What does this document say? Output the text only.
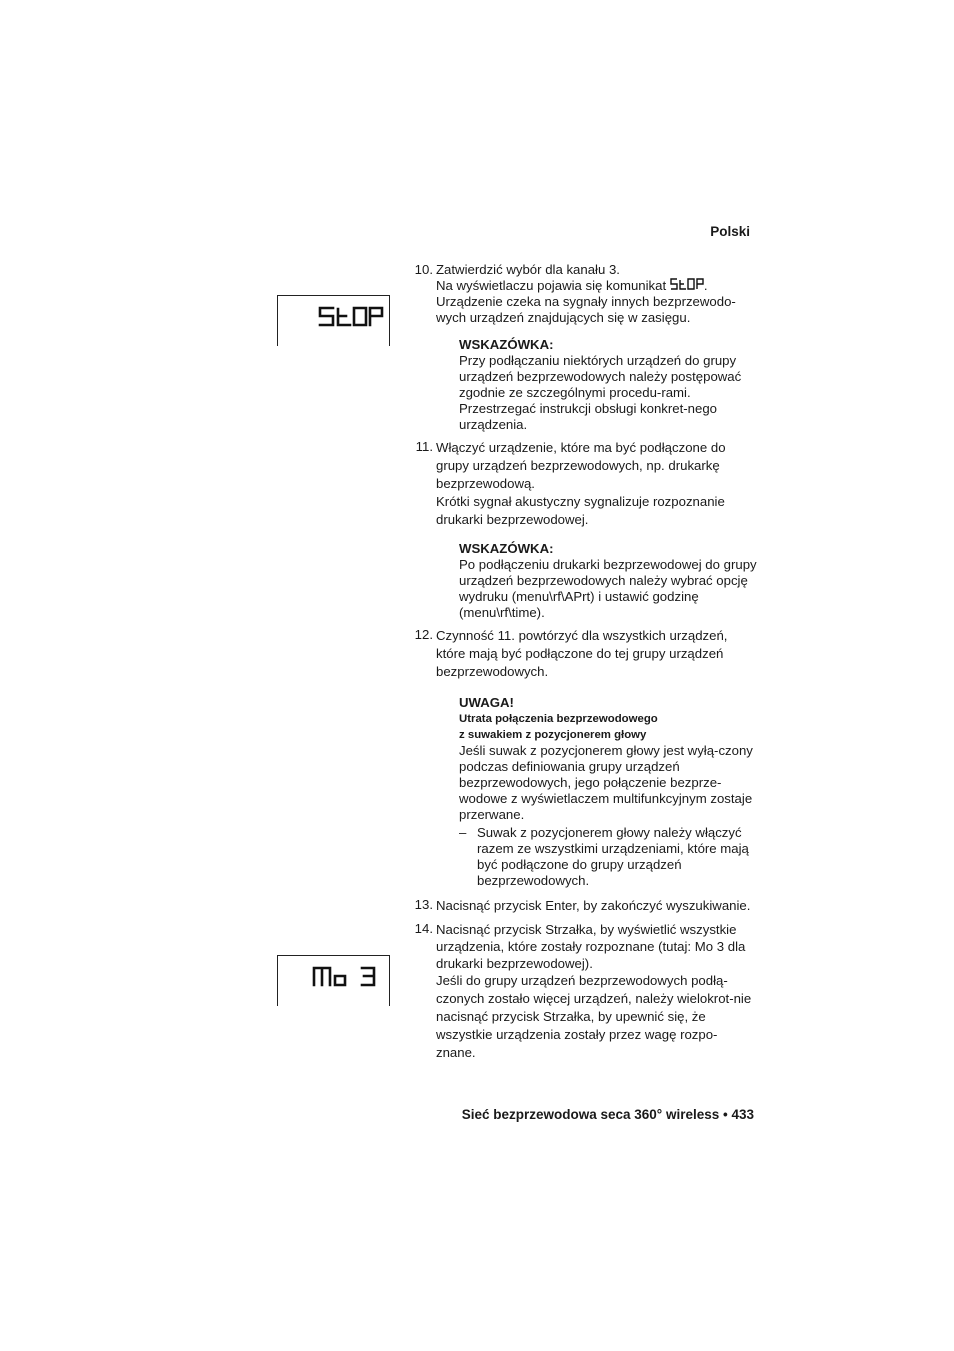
Polski
10. Zatwierdzić wybór dla kanału 3.

Na wyświetlaczu pojawia się komunikat	.

Urządzenie czeka na sygnały innych bezprzewodo-wych urządzeń znajdujących się w zasięgu.

WSKAZÓWKA:
Przy podłączaniu niektórych urządzeń do grupy urządzeń bezprzewodowych należy postępować zgodnie ze szczególnymi procedu-rami. Przestrzegać instrukcji obsługi konkret-nego urządzenia.
11. Włączyć urządzenie, które ma być podłączone do grupy urządzeń bezprzewodowych, np. drukarkę bezprzewodową.

Krótki sygnał akustyczny sygnalizuje rozpoznanie drukarki bezprzewodowej.

WSKAZÓWKA:
Po podłączeniu drukarki bezprzewodowej do grupy urządzeń bezprzewodowych należy wybrać opcję wydruku (menu\rf\APrt) i ustawić godzinę (menu\rf\time).
12. Czynność 11. powtórzyć dla wszystkich urządzeń, które mają być podłączone do tej grupy urządzeń bezprzewodowych.

UWAGA!
Utrata połączenia bezprzewodowego
z suwakiem z pozycjonerem głowy
Jeśli suwak z pozycjonerem głowy jest wyłą-czony podczas definiowania grupy urządzeń bezprzewodowych, jego połączenie bezprze-wodowe z wyświetlaczem multifunkcyjnym zostaje przerwane.
– Suwak z pozycjonerem głowy należy włączyć razem ze wszystkimi urządzeniami, które mają być podłączone do grupy urządzeń bezprzewodowych.
13. Nacisnąć przycisk Enter, by zakończyć wyszukiwanie.

14. Nacisnąć przycisk Strzałka, by wyświetlić wszystkie urządzenia, które zostały rozpoznane (tutaj: Mo 3 dla drukarki bezprzewodowej).

Jeśli do grupy urządzeń bezprzewodowych podłą-czonych zostało więcej urządzeń, należy wielokrot-nie nacisnąć przycisk Strzałka, by upewnić się, że wszystkie urządzenia zostały przez wagę rozpo-znane.

Sieć bezprzewodowa seca 360° wireless • 433
